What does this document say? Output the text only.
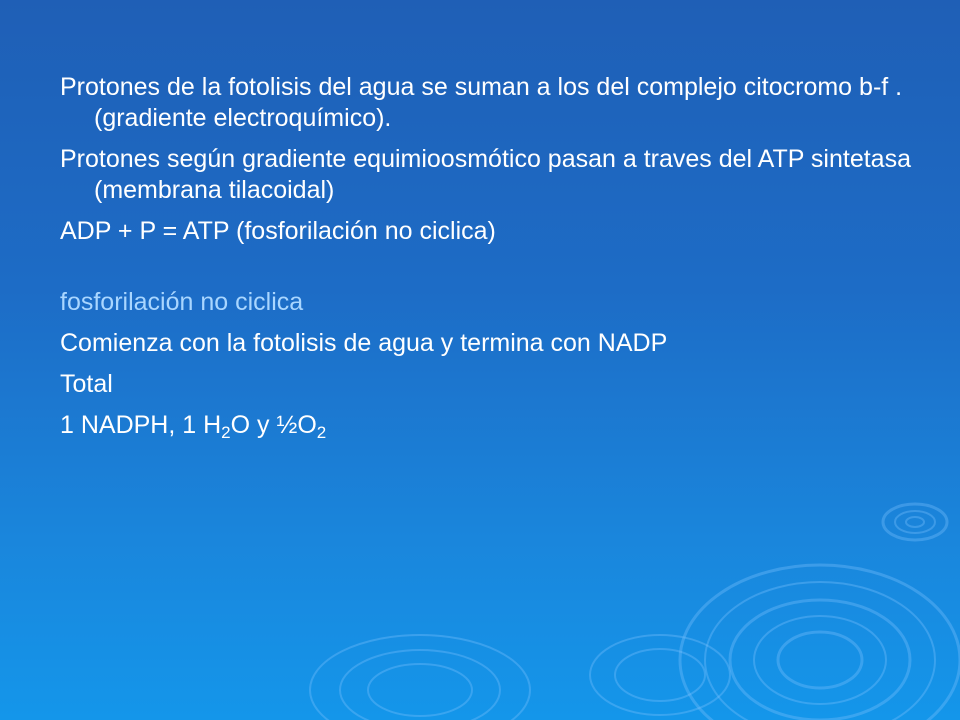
Protones de la fotolisis del agua se suman a los del complejo citocromo b-f . (gradiente electroquímico).

Protones según gradiente equimioosmótico pasan a traves del ATP sintetasa (membrana tilacoidal)

ADP + P = ATP (fosforilación no ciclica)

fosforilación no ciclica

Comienza con la fotolisis de agua y termina con NADP

Total

1 NADPH, 1 $H_2O$ y $\frac{1}{2}O_2$
